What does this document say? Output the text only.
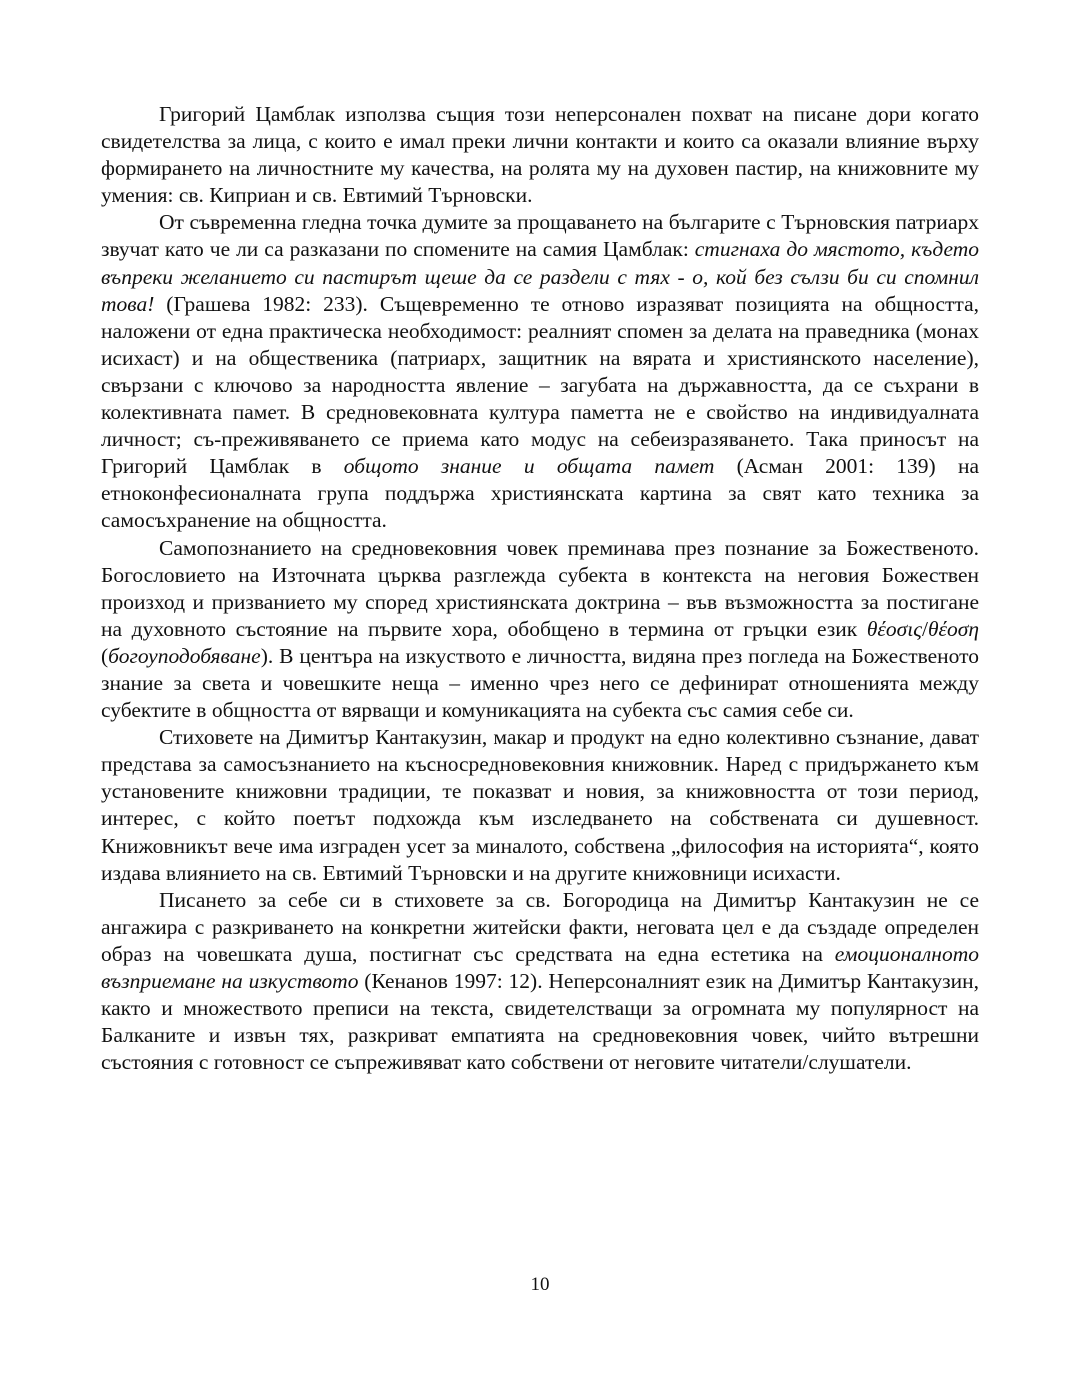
Григорий Цамблак използва същия този неперсонален похват на писане дори когато свидетелства за лица, с които е имал преки лични контакти и които са оказали влияние върху формирането на личностните му качества, на ролята му на духовен пастир, на книжовните му умения: св. Киприан и св. Евтимий Търновски.

От съвременна гледна точка думите за прощаването на българите с Търновския патриарх звучат като че ли са разказани по спомените на самия Цамблак: стигнаха до мястото, където въпреки желанието си пастирът щеше да се раздели с тях - о, кой без сълзи би си спомнил това! (Грашева 1982: 233). Същевременно те отново изразяват позицията на общността, наложени от една практическа необходимост: реалният спомен за делата на праведника (монах исихаст) и на общественика (патриарх, защитник на вярата и християнското население), свързани с ключово за народността явление – загубата на държавността, да се съхрани в колективната памет. В средновековната култура паметта не е свойство на индивидуалната личност; съ-преживяването се приема като модус на себеизразяването. Така приносът на Григорий Цамблак в общото знание и общата памет (Асман 2001: 139) на етноконфесионалната група поддържа християнската картина за свят като техника за самосъхранение на общността.

Самопознанието на средновековния човек преминава през познание за Божественото. Богословието на Източната църква разглежда субекта в контекста на неговия Божествен произход и призванието му според християнската доктрина – във възможността за постигане на духовното състояние на първите хора, обобщено в термина от гръцки език θέοσις/θέοση (богоуподобяване). В центъра на изкуството е личността, видяна през погледа на Божественото знание за света и човешките неща – именно чрез него се дефинират отношенията между субектите в общността от вярващи и комуникацията на субекта със самия себе си.

Стиховете на Димитър Кантакузин, макар и продукт на едно колективно съзнание, дават представа за самосъзнанието на късносредновековния книжовник. Наред с придържането към установените книжовни традиции, те показват и новия, за книжовността от този период, интерес, с който поетът подхожда към изследването на собствената си душевност. Книжовникът вече има изграден усет за миналото, собствена „философия на историята“, която издава влиянието на св. Евтимий Търновски и на другите книжовници исихасти.

Писането за себе си в стиховете за св. Богородица на Димитър Кантакузин не се ангажира с разкриването на конкретни житейски факти, неговата цел е да създаде определен образ на човешката душа, постигнат със средствата на една естетика на емоционалното възприемане на изкуството (Кенанов 1997: 12). Неперсоналният език на Димитър Кантакузин, както и множеството преписи на текста, свидетелстващи за огромната му популярност на Балканите и извън тях, разкриват емпатията на средновековния човек, чийто вътрешни състояния с готовност се съпреживяват като собствени от неговите читатели/слушатели.

10
